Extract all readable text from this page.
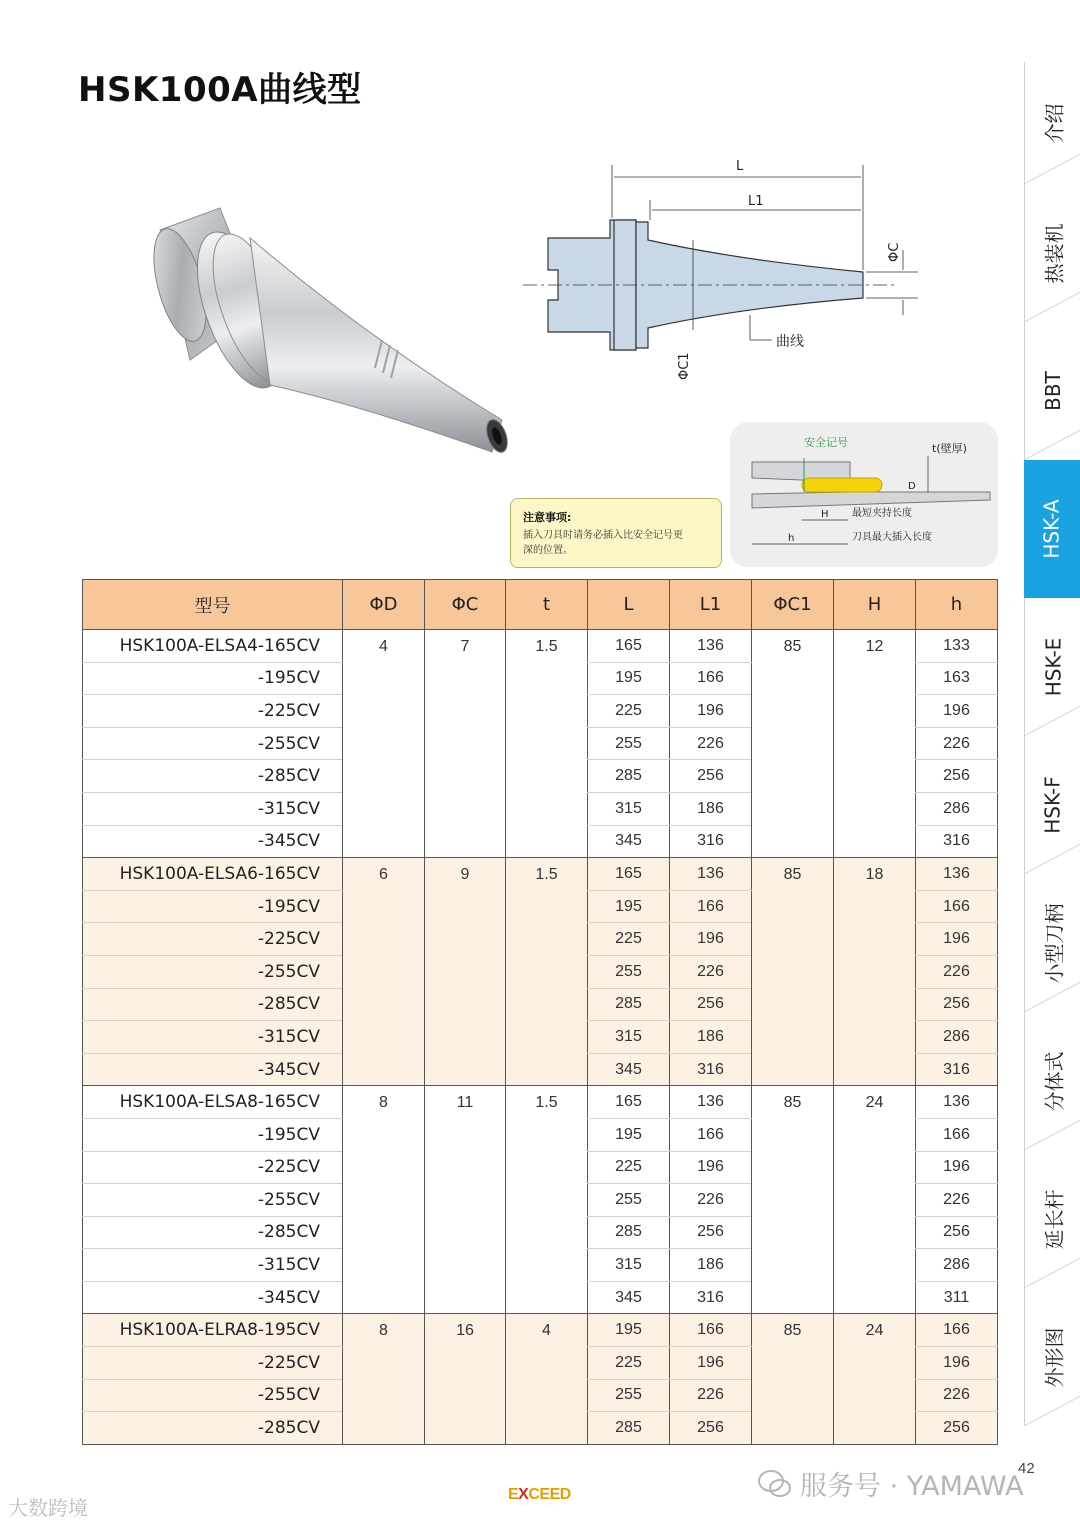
HSK100A曲线型
介绍
热装机
BBT
HSK-A
HSK-E
HSK-F
小型刀柄
分体式
延长杆
外形图
L
L1
ΦC
ΦC1
曲线
安全记号	t(壁厚)
D
H 最短夹持长度
h	刀具最大插入长度
注意事项:
插入刀具时请务必插入比安全记号更
深的位置。
型号	ΦD	ΦC	t	L	L1	ΦC1	H	h
HSK100A-ELSA4-165CV	4	7	1.5	165	136	85	12	133
-195CV				195	166			163
-225CV				225	196			196
-255CV				255	226			226
-285CV				285	256			256
-315CV				315	186			286
-345CV				345	316			316
HSK100A-ELSA6-165CV	6	9	1.5	165	136	85	18	136
-195CV				195	166			166
-225CV				225	196			196
-255CV				255	226			226
-285CV				285	256			256
-315CV				315	186			286
-345CV				345	316			316
HSK100A-ELSA8-165CV	8	11	1.5	165	136	85	24	136
-195CV				195	166			166
-225CV				225	196			196
-255CV				255	226			226
-285CV				285	256			256
-315CV				315	186			286
-345CV				345	316			311
HSK100A-ELRA8-195CV	8	16	4	195	166	85	24	166
-225CV				225	196			196
-255CV				255	226			226
-285CV				285	256			256
42
EXCEED
大数跨境
服务号 · YAMAWA
